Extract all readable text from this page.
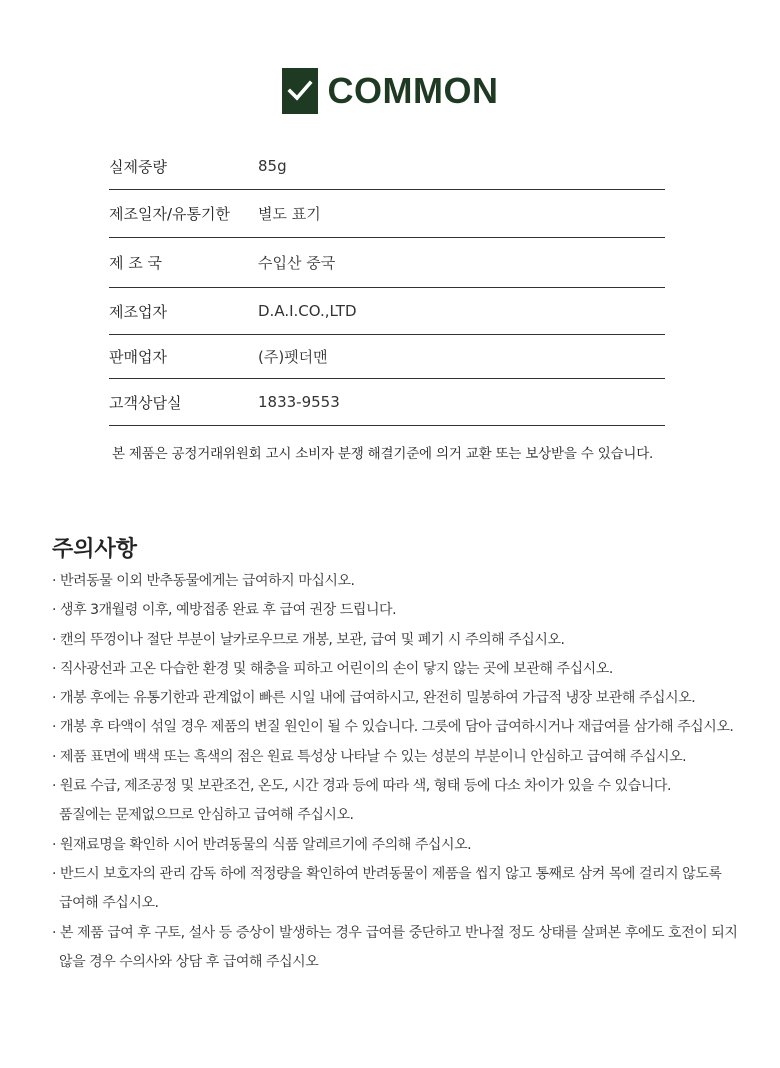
COMMON
실제중량	85g
제조일자/유통기한	별도 표기
제 조 국	수입산 중국
제조업자	D.A.I.CO.,LTD
판매업자	(주)펫더맨
고객상담실	1833-9553
본 제품은 공정거래위원회 고시 소비자 분쟁 해결기준에 의거 교환 또는 보상받을 수 있습니다.
주의사항
· 반려동물 이외 반추동물에게는 급여하지 마십시오.
· 생후 3개월령 이후, 예방접종 완료 후 급여 권장 드립니다.
· 캔의 뚜껑이나 절단 부분이 날카로우므로 개봉, 보관, 급여 및 폐기 시 주의해 주십시오.
· 직사광선과 고온 다습한 환경 및 해충을 피하고 어린이의 손이 닿지 않는 곳에 보관해 주십시오.
· 개봉 후에는 유통기한과 관계없이 빠른 시일 내에 급여하시고, 완전히 밀봉하여 가급적 냉장 보관해 주십시오.
· 개봉 후 타액이 섞일 경우 제품의 변질 원인이 될 수 있습니다. 그릇에 담아 급여하시거나 재급여를 삼가해 주십시오.
· 제품 표면에 백색 또는 흑색의 점은 원료 특성상 나타날 수 있는 성분의 부분이니 안심하고 급여해 주십시오.
· 원료 수급, 제조공정 및 보관조건, 온도, 시간 경과 등에 따라 색, 형태 등에 다소 차이가 있을 수 있습니다.
품질에는 문제없으므로 안심하고 급여해 주십시오.
· 원재료명을 확인하 시어 반려동물의 식품 알레르기에 주의해 주십시오.
· 반드시 보호자의 관리 감독 하에 적정량을 확인하여 반려동물이 제품을 씹지 않고 통째로 삼켜 목에 걸리지 않도록
급여해 주십시오.
· 본 제품 급여 후 구토, 설사 등 증상이 발생하는 경우 급여를 중단하고 반나절 정도 상태를 살펴본 후에도 호전이 되지
않을 경우 수의사와 상담 후 급여해 주십시오
